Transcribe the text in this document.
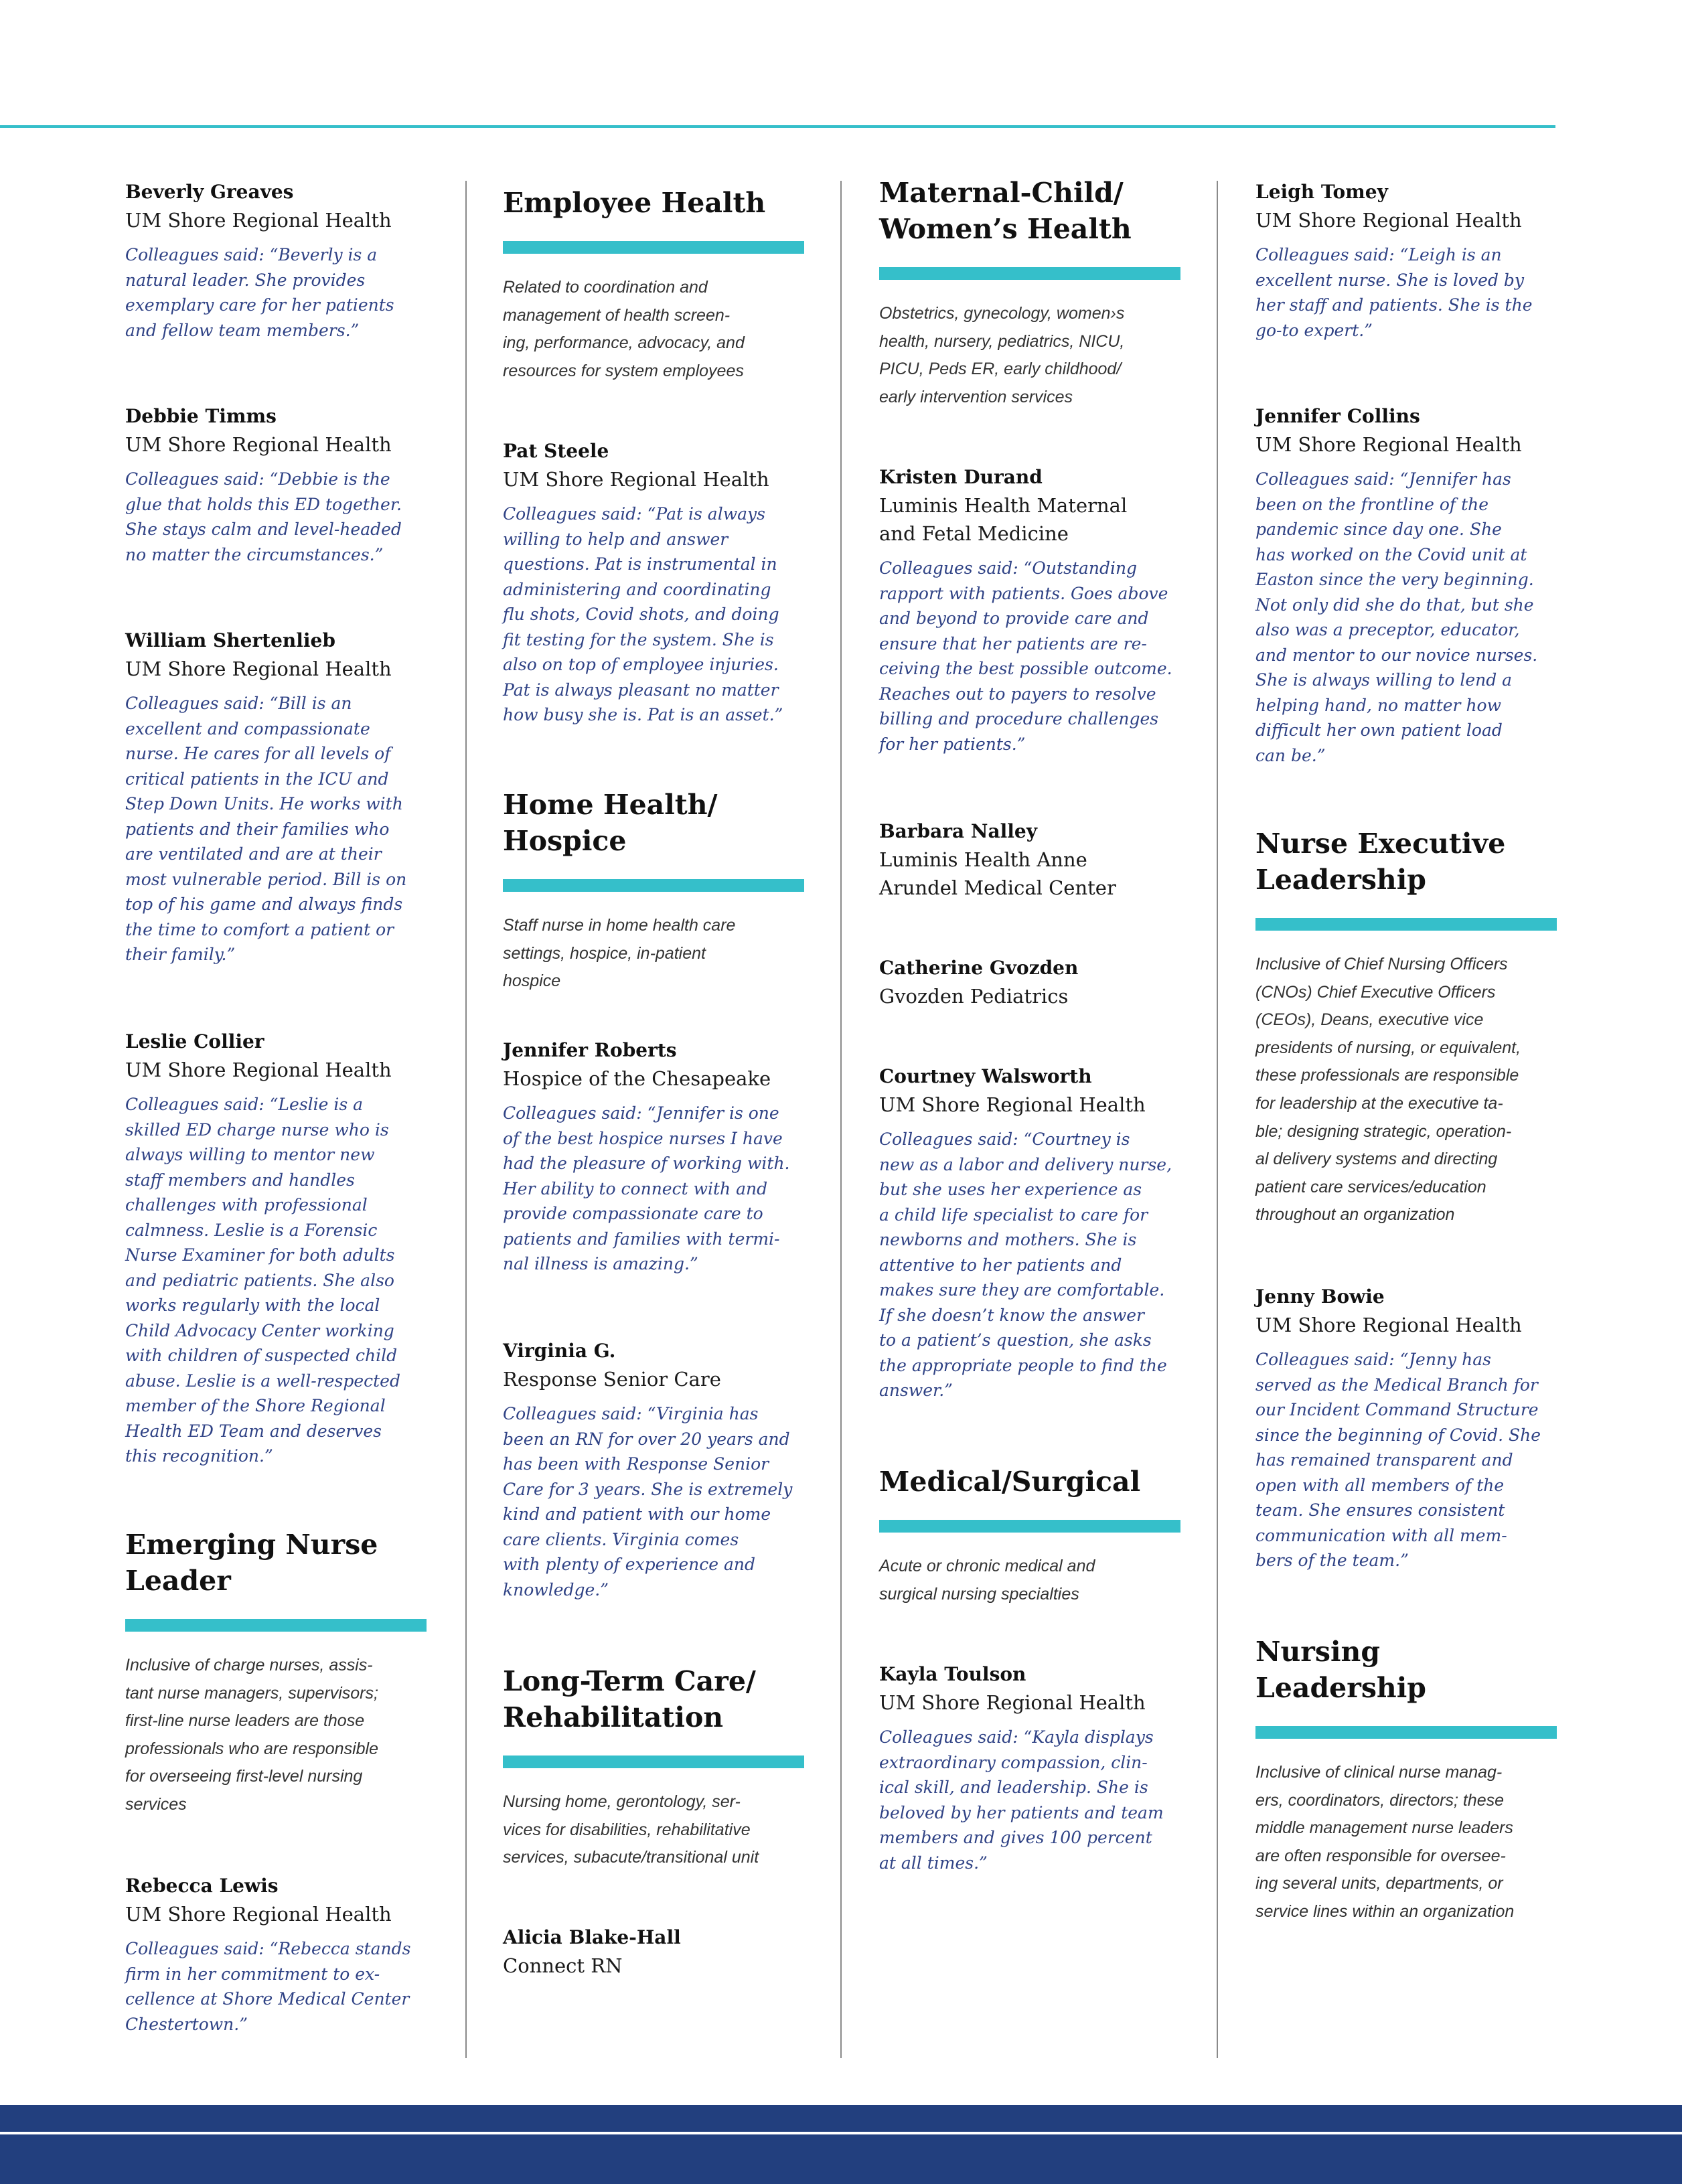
Beverly Greaves
UM Shore Regional Health
Colleagues said: “Beverly is a
natural leader. She provides
exemplary care for her patients
and fellow team members.”
Debbie Timms
UM Shore Regional Health
Colleagues said: “Debbie is the
glue that holds this ED together.
She stays calm and level-headed
no matter the circumstances.”
William Shertenlieb
UM Shore Regional Health
Colleagues said: “Bill is an
excellent and compassionate
nurse. He cares for all levels of
critical patients in the ICU and
Step Down Units. He works with
patients and their families who
are ventilated and are at their
most vulnerable period. Bill is on
top of his game and always finds
the time to comfort a patient or
their family.”
Leslie Collier
UM Shore Regional Health
Colleagues said: “Leslie is a
skilled ED charge nurse who is
always willing to mentor new
staff members and handles
challenges with professional
calmness. Leslie is a Forensic
Nurse Examiner for both adults
and pediatric patients. She also
works regularly with the local
Child Advocacy Center working
with children of suspected child
abuse. Leslie is a well-respected
member of the Shore Regional
Health ED Team and deserves
this recognition.”
Emerging Nurse
Leader
Inclusive of charge nurses, assis-
tant nurse managers, supervisors;
first-line nurse leaders are those
professionals who are responsible
for overseeing first-level nursing
services
Rebecca Lewis
UM Shore Regional Health
Colleagues said: “Rebecca stands
firm in her commitment to ex-
cellence at Shore Medical Center
Chestertown.”
Employee Health
Related to coordination and
management of health screen-
ing, performance, advocacy, and
resources for system employees
Pat Steele
UM Shore Regional Health
Colleagues said: “Pat is always
willing to help and answer
questions. Pat is instrumental in
administering and coordinating
flu shots, Covid shots, and doing
fit testing for the system. She is
also on top of employee injuries.
Pat is always pleasant no matter
how busy she is. Pat is an asset.”
Home Health/
Hospice
Staff nurse in home health care
settings, hospice, in-patient
hospice
Jennifer Roberts
Hospice of the Chesapeake
Colleagues said: “Jennifer is one
of the best hospice nurses I have
had the pleasure of working with.
Her ability to connect with and
provide compassionate care to
patients and families with termi-
nal illness is amazing.”
Virginia G.
Response Senior Care
Colleagues said: “Virginia has
been an RN for over 20 years and
has been with Response Senior
Care for 3 years. She is extremely
kind and patient with our home
care clients. Virginia comes
with plenty of experience and
knowledge.”
Long-Term Care/
Rehabilitation
Nursing home, gerontology, ser-
vices for disabilities, rehabilitative
services, subacute/transitional unit
Alicia Blake-Hall
Connect RN
Maternal-Child/
Women’s Health
Obstetrics, gynecology, women›s
health, nursery, pediatrics, NICU,
PICU, Peds ER, early childhood/
early intervention services
Kristen Durand
Luminis Health Maternal
and Fetal Medicine
Colleagues said: “Outstanding
rapport with patients. Goes above
and beyond to provide care and
ensure that her patients are re-
ceiving the best possible outcome.
Reaches out to payers to resolve
billing and procedure challenges
for her patients.”
Barbara Nalley
Luminis Health Anne
Arundel Medical Center
Catherine Gvozden
Gvozden Pediatrics
Courtney Walsworth
UM Shore Regional Health
Colleagues said: “Courtney is
new as a labor and delivery nurse,
but she uses her experience as
a child life specialist to care for
newborns and mothers. She is
attentive to her patients and
makes sure they are comfortable.
If she doesn’t know the answer
to a patient’s question, she asks
the appropriate people to find the
answer.”
Medical/Surgical
Acute or chronic medical and
surgical nursing specialties
Kayla Toulson
UM Shore Regional Health
Colleagues said: “Kayla displays
extraordinary compassion, clin-
ical skill, and leadership. She is
beloved by her patients and team
members and gives 100 percent
at all times.”
Leigh Tomey
UM Shore Regional Health
Colleagues said: “Leigh is an
excellent nurse. She is loved by
her staff and patients. She is the
go-to expert.”
Jennifer Collins
UM Shore Regional Health
Colleagues said: “Jennifer has
been on the frontline of the
pandemic since day one. She
has worked on the Covid unit at
Easton since the very beginning.
Not only did she do that, but she
also was a preceptor, educator,
and mentor to our novice nurses.
She is always willing to lend a
helping hand, no matter how
difficult her own patient load
can be.”
Nurse Executive
Leadership
Inclusive of Chief Nursing Officers
(CNOs) Chief Executive Officers
(CEOs), Deans, executive vice
presidents of nursing, or equivalent,
these professionals are responsible
for leadership at the executive ta-
ble; designing strategic, operation-
al delivery systems and directing
patient care services/education
throughout an organization
Jenny Bowie
UM Shore Regional Health
Colleagues said: “Jenny has
served as the Medical Branch for
our Incident Command Structure
since the beginning of Covid. She
has remained transparent and
open with all members of the
team. She ensures consistent
communication with all mem-
bers of the team.”
Nursing
Leadership
Inclusive of clinical nurse manag-
ers, coordinators, directors; these
middle management nurse leaders
are often responsible for oversee-
ing several units, departments, or
service lines within an organization
